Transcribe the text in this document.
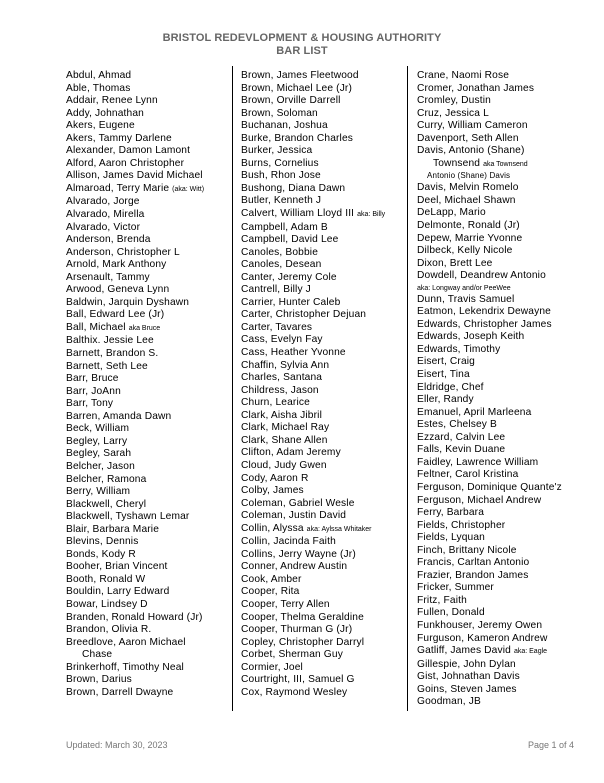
BRISTOL REDEVLOPMENT & HOUSING AUTHORITY
BAR LIST
Abdul, Ahmad
Able, Thomas
Addair, Renee Lynn
Addy, Johnathan
Akers, Eugene
Akers, Tammy Darlene
Alexander, Damon Lamont
Alford, Aaron Christopher
Allison, James David Michael
Almaroad, Terry Marie (aka: Witt)
Alvarado, Jorge
Alvarado, Mirella
Alvarado, Victor
Anderson, Brenda
Anderson, Christopher L
Arnold, Mark Anthony
Arsenault, Tammy
Arwood, Geneva Lynn
Baldwin, Jarquin Dyshawn
Ball, Edward Lee (Jr)
Ball, Michael aka Bruce
Balthix. Jessie Lee
Barnett, Brandon S.
Barnett, Seth Lee
Barr, Bruce
Barr, JoAnn
Barr, Tony
Barren, Amanda Dawn
Beck, William
Begley, Larry
Begley, Sarah
Belcher, Jason
Belcher, Ramona
Berry, William
Blackwell, Cheryl
Blackwell, Tyshawn Lemar
Blair, Barbara Marie
Blevins, Dennis
Bonds, Kody R
Booher, Brian Vincent
Booth, Ronald W
Bouldin, Larry Edward
Bowar, Lindsey D
Branden, Ronald Howard (Jr)
Brandon, Olivia R.
Breedlove, Aaron Michael
Chase
Brinkerhoff, Timothy Neal
Brown, Darius
Brown, Darrell Dwayne
Brown, James Fleetwood
Brown, Michael Lee (Jr)
Brown, Orville Darrell
Brown, Soloman
Buchanan, Joshua
Burke, Brandon Charles
Burker, Jessica
Burns, Cornelius
Bush, Rhon Jose
Bushong, Diana Dawn
Butler, Kenneth J
Calvert, William Lloyd III aka: Billy
Campbell, Adam B
Campbell, David Lee
Canoles, Bobbie
Canoles, Desean
Canter, Jeremy Cole
Cantrell, Billy J
Carrier, Hunter Caleb
Carter, Christopher Dejuan
Carter, Tavares
Cass, Evelyn Fay
Cass, Heather Yvonne
Chaffin, Sylvia Ann
Charles, Santana
Childress, Jason
Churn, Learice
Clark, Aisha Jibril
Clark, Michael Ray
Clark, Shane Allen
Clifton, Adam Jeremy
Cloud, Judy Gwen
Cody, Aaron R
Colby, James
Coleman, Gabriel Wesle
Coleman, Justin David
Collin, Alyssa aka: Aylssa Whitaker
Collin, Jacinda Faith
Collins, Jerry Wayne (Jr)
Conner, Andrew Austin
Cook, Amber
Cooper, Rita
Cooper, Terry Allen
Cooper, Thelma Geraldine
Cooper, Thurman G (Jr)
Copley, Christopher Darryl
Corbet, Sherman Guy
Cormier, Joel
Courtright, III, Samuel G
Cox, Raymond Wesley
Crane, Naomi Rose
Cromer, Jonathan James
Cromley, Dustin
Cruz, Jessica L
Curry, William Cameron
Davenport, Seth Allen
Davis, Antonio (Shane)
Townsend aka Townsend
Antonio (Shane) Davis
Davis, Melvin Romelo
Deel, Michael Shawn
DeLapp, Mario
Delmonte, Ronald (Jr)
Depew, Marrie Yvonne
Dilbeck, Kelly Nicole
Dixon, Brett Lee
Dowdell, Deandrew Antonio
aka: Longway and/or PeeWee
Dunn, Travis Samuel
Eatmon, Lekendrix Dewayne
Edwards, Christopher James
Edwards, Joseph Keith
Edwards, Timothy
Eisert, Craig
Eisert, Tina
Eldridge, Chef
Eller, Randy
Emanuel, April Marleena
Estes, Chelsey B
Ezzard, Calvin Lee
Falls, Kevin Duane
Faidley, Lawrence William
Feltner, Carol Kristina
Ferguson, Dominique Quante'z
Ferguson, Michael Andrew
Ferry, Barbara
Fields, Christopher
Fields, Lyquan
Finch, Brittany Nicole
Francis, Carltan Antonio
Frazier, Brandon James
Fricker, Summer
Fritz, Faith
Fullen, Donald
Funkhouser, Jeremy Owen
Furguson, Kameron Andrew
Gatliff, James David aka: Eagle
Gillespie, John Dylan
Gist, Johnathan Davis
Goins, Steven James
Goodman, JB
Updated: March 30, 2023	Page 1 of 4
